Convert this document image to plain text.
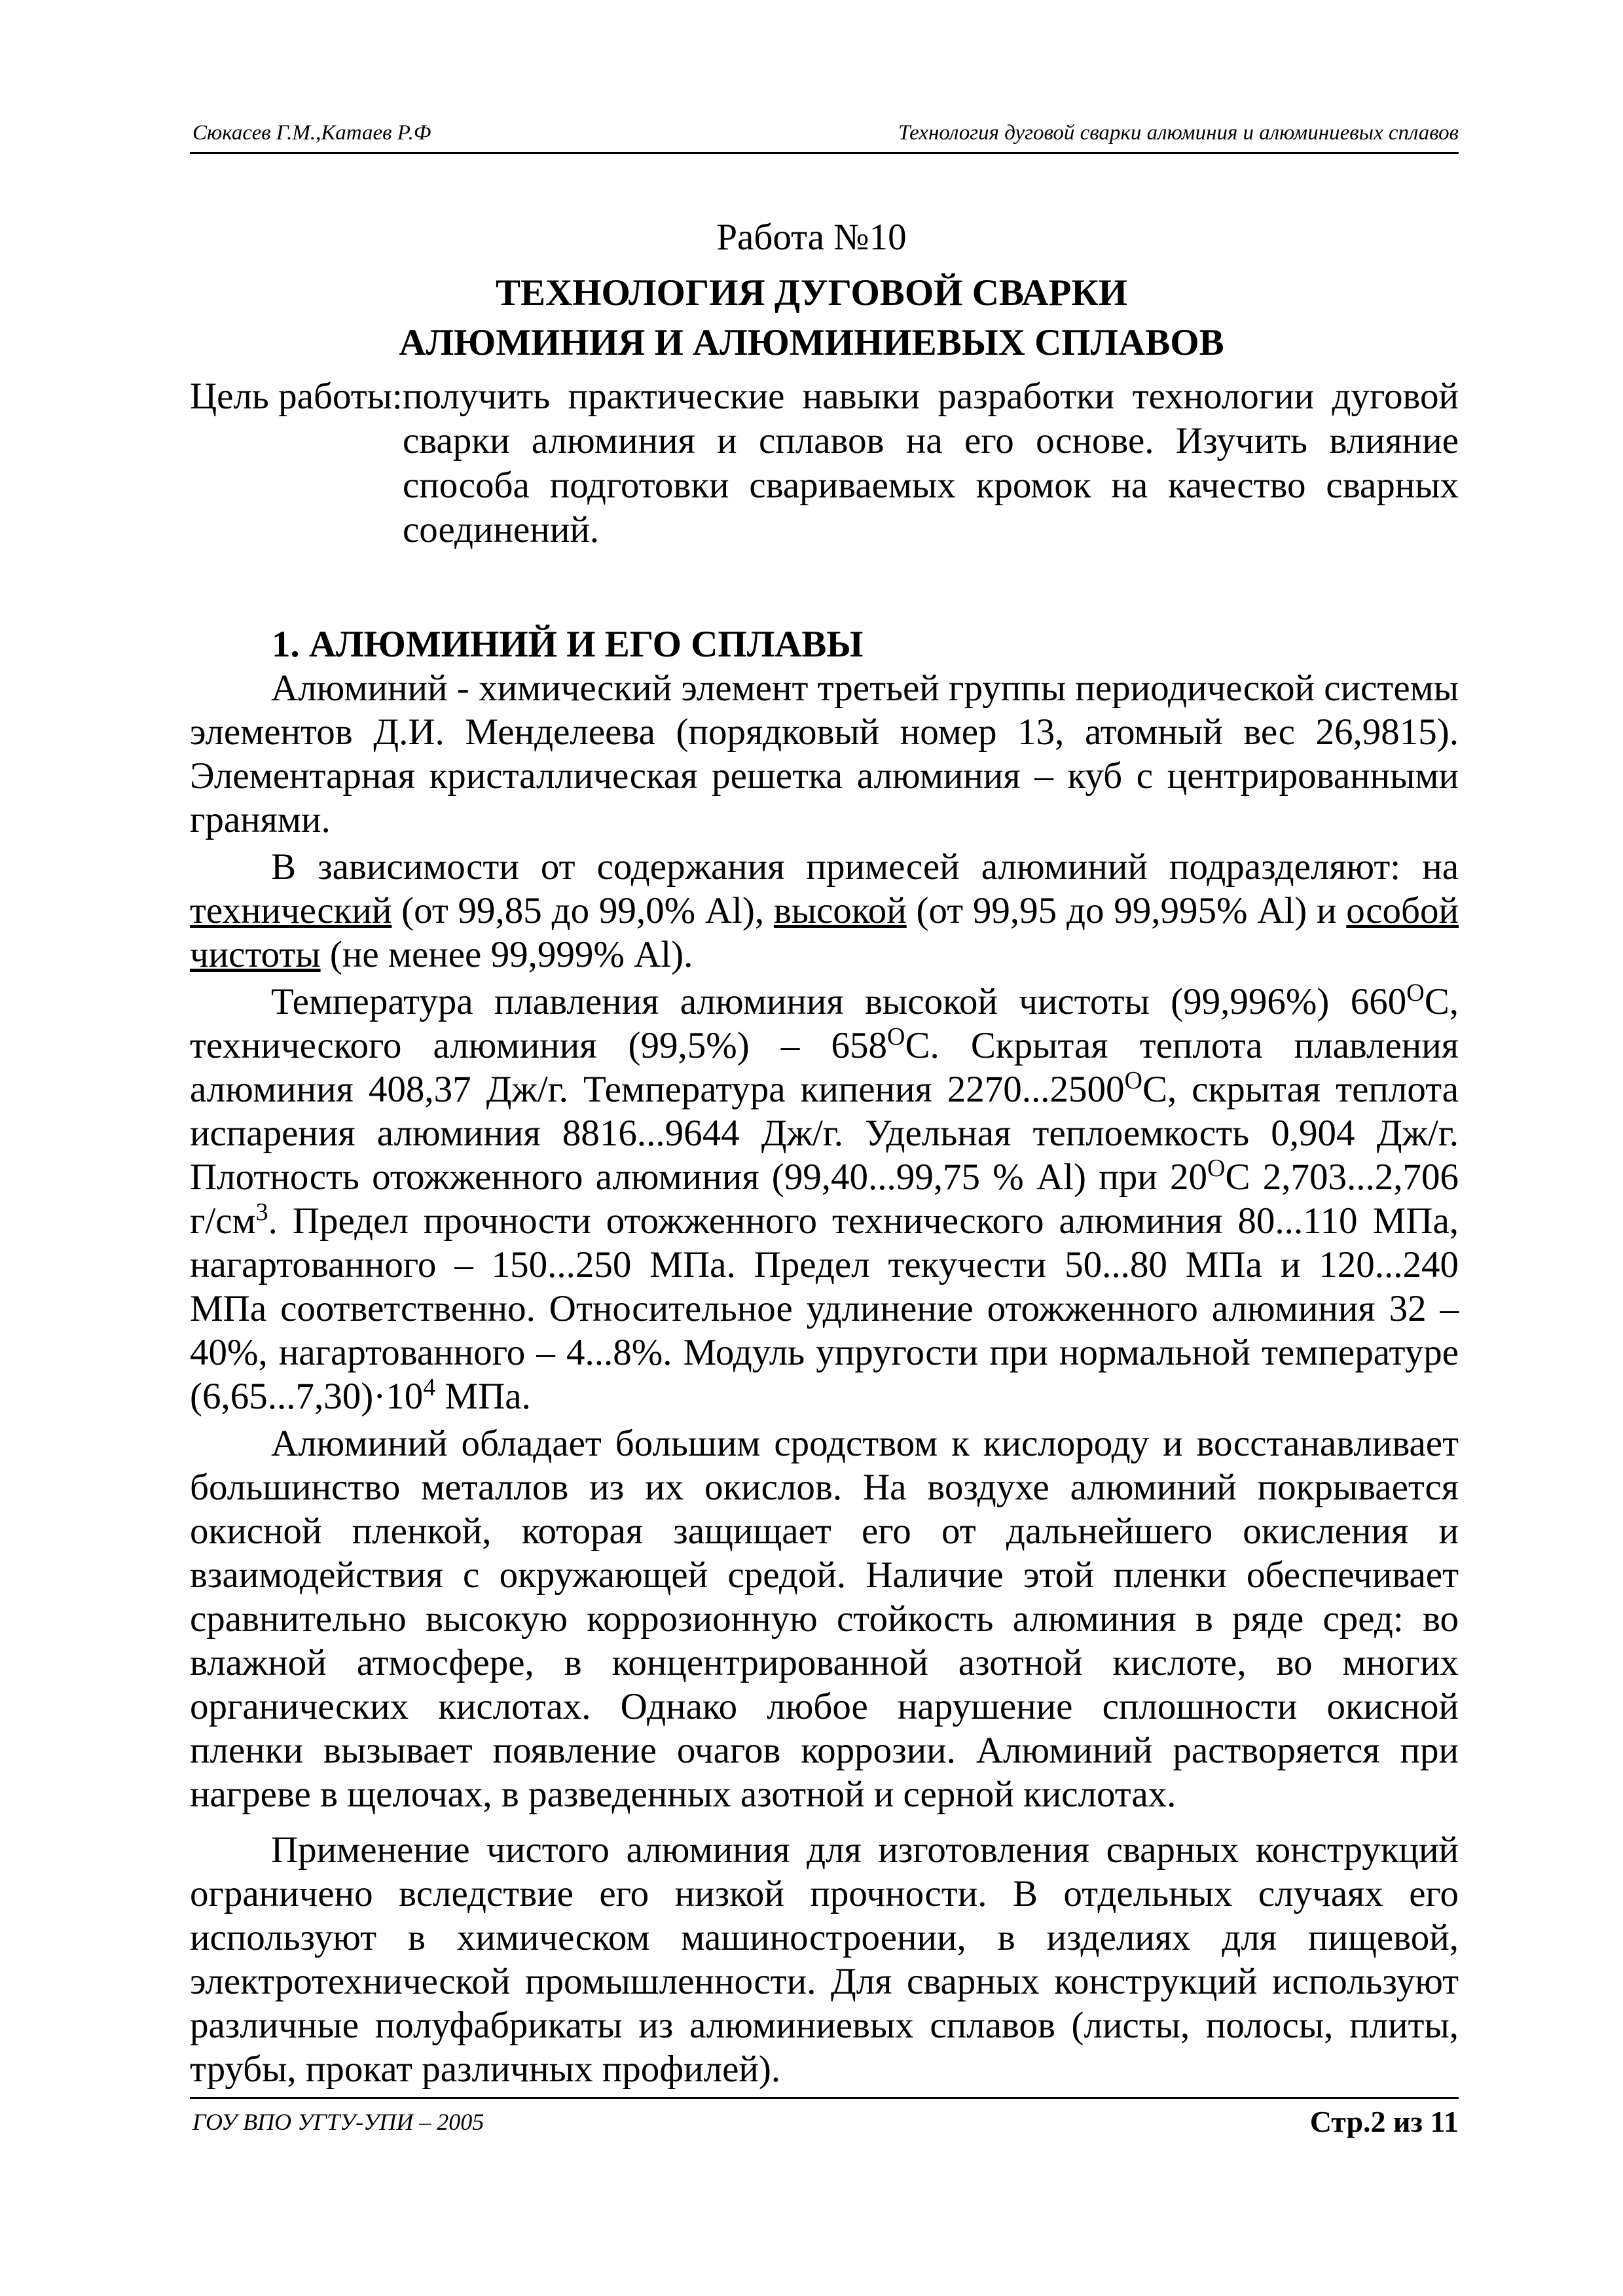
Сюкасев Г.М.,Катаев Р.Ф	Технология дуговой сварки алюминия и алюминиевых сплавов
Работа №10
ТЕХНОЛОГИЯ ДУГОВОЙ СВАРКИ
АЛЮМИНИЯ И АЛЮМИНИЕВЫХ СПЛАВОВ
Цель работы: получить практические навыки разработки технологии дуговой сварки алюминия и сплавов на его основе. Изучить влияние способа подготовки свариваемых кромок на качество сварных соединений.
1. АЛЮМИНИЙ И ЕГО СПЛАВЫ

Алюминий - химический элемент третьей группы периодической системы элементов Д.И. Менделеева (порядковый номер 13, атомный вес 26,9815). Элементарная кристаллическая решетка алюминия – куб с центрированными гранями.

В зависимости от содержания примесей алюминий подразделяют: на технический (от 99,85 до 99,0% Al), высокой (от 99,95 до 99,995% Al) и особой чистоты (не менее 99,999% Al).

Температура плавления алюминия высокой чистоты (99,996%) $660^OC$, технического алюминия $(99,5\%) - 658^OC$. Скрытая теплота плавления алюминия 408,37 Дж/г. Температура кипения $2270...2500^OC$, скрытая теплота испарения алюминия 8816...9644 Дж/г. Удельная теплоемкость 0,904 Дж/г. Плотность отожженного алюминия (99,40...99,75 % Al) при $20^OC$ 2,703...2,706 $г/см^3$. Предел прочности отожженного технического алюминия 80...110 МПа, нагартованного – 150...250 МПа. Предел текучести 50...80 МПа и 120...240 МПа соответственно. Относительное удлинение отожженного алюминия 32 – 40%, нагартованного – 4...8%. Модуль упругости при нормальной температуре $(6,65...7,30)\cdot 10^4$ МПа.

Алюминий обладает большим сродством к кислороду и восстанавливает большинство металлов из их окислов. На воздухе алюминий покрывается окисной пленкой, которая защищает его от дальнейшего окисления и взаимодействия с окружающей средой. Наличие этой пленки обеспечивает сравнительно высокую коррозионную стойкость алюминия в ряде сред: во влажной атмосфере, в концентрированной азотной кислоте, во многих органических кислотах. Однако любое нарушение сплошности окисной пленки вызывает появление очагов коррозии. Алюминий растворяется при нагреве в щелочах, в разведенных азотной и серной кислотах.

Применение чистого алюминия для изготовления сварных конструкций ограничено вследствие его низкой прочности. В отдельных случаях его используют в химическом машиностроении, в изделиях для пищевой, электротехнической промышленности. Для сварных конструкций используют различные полуфабрикаты из алюминиевых сплавов (листы, полосы, плиты, трубы, прокат различных профилей).

ГОУ ВПО УГТУ-УПИ – 2005	Стр.2 из 11
